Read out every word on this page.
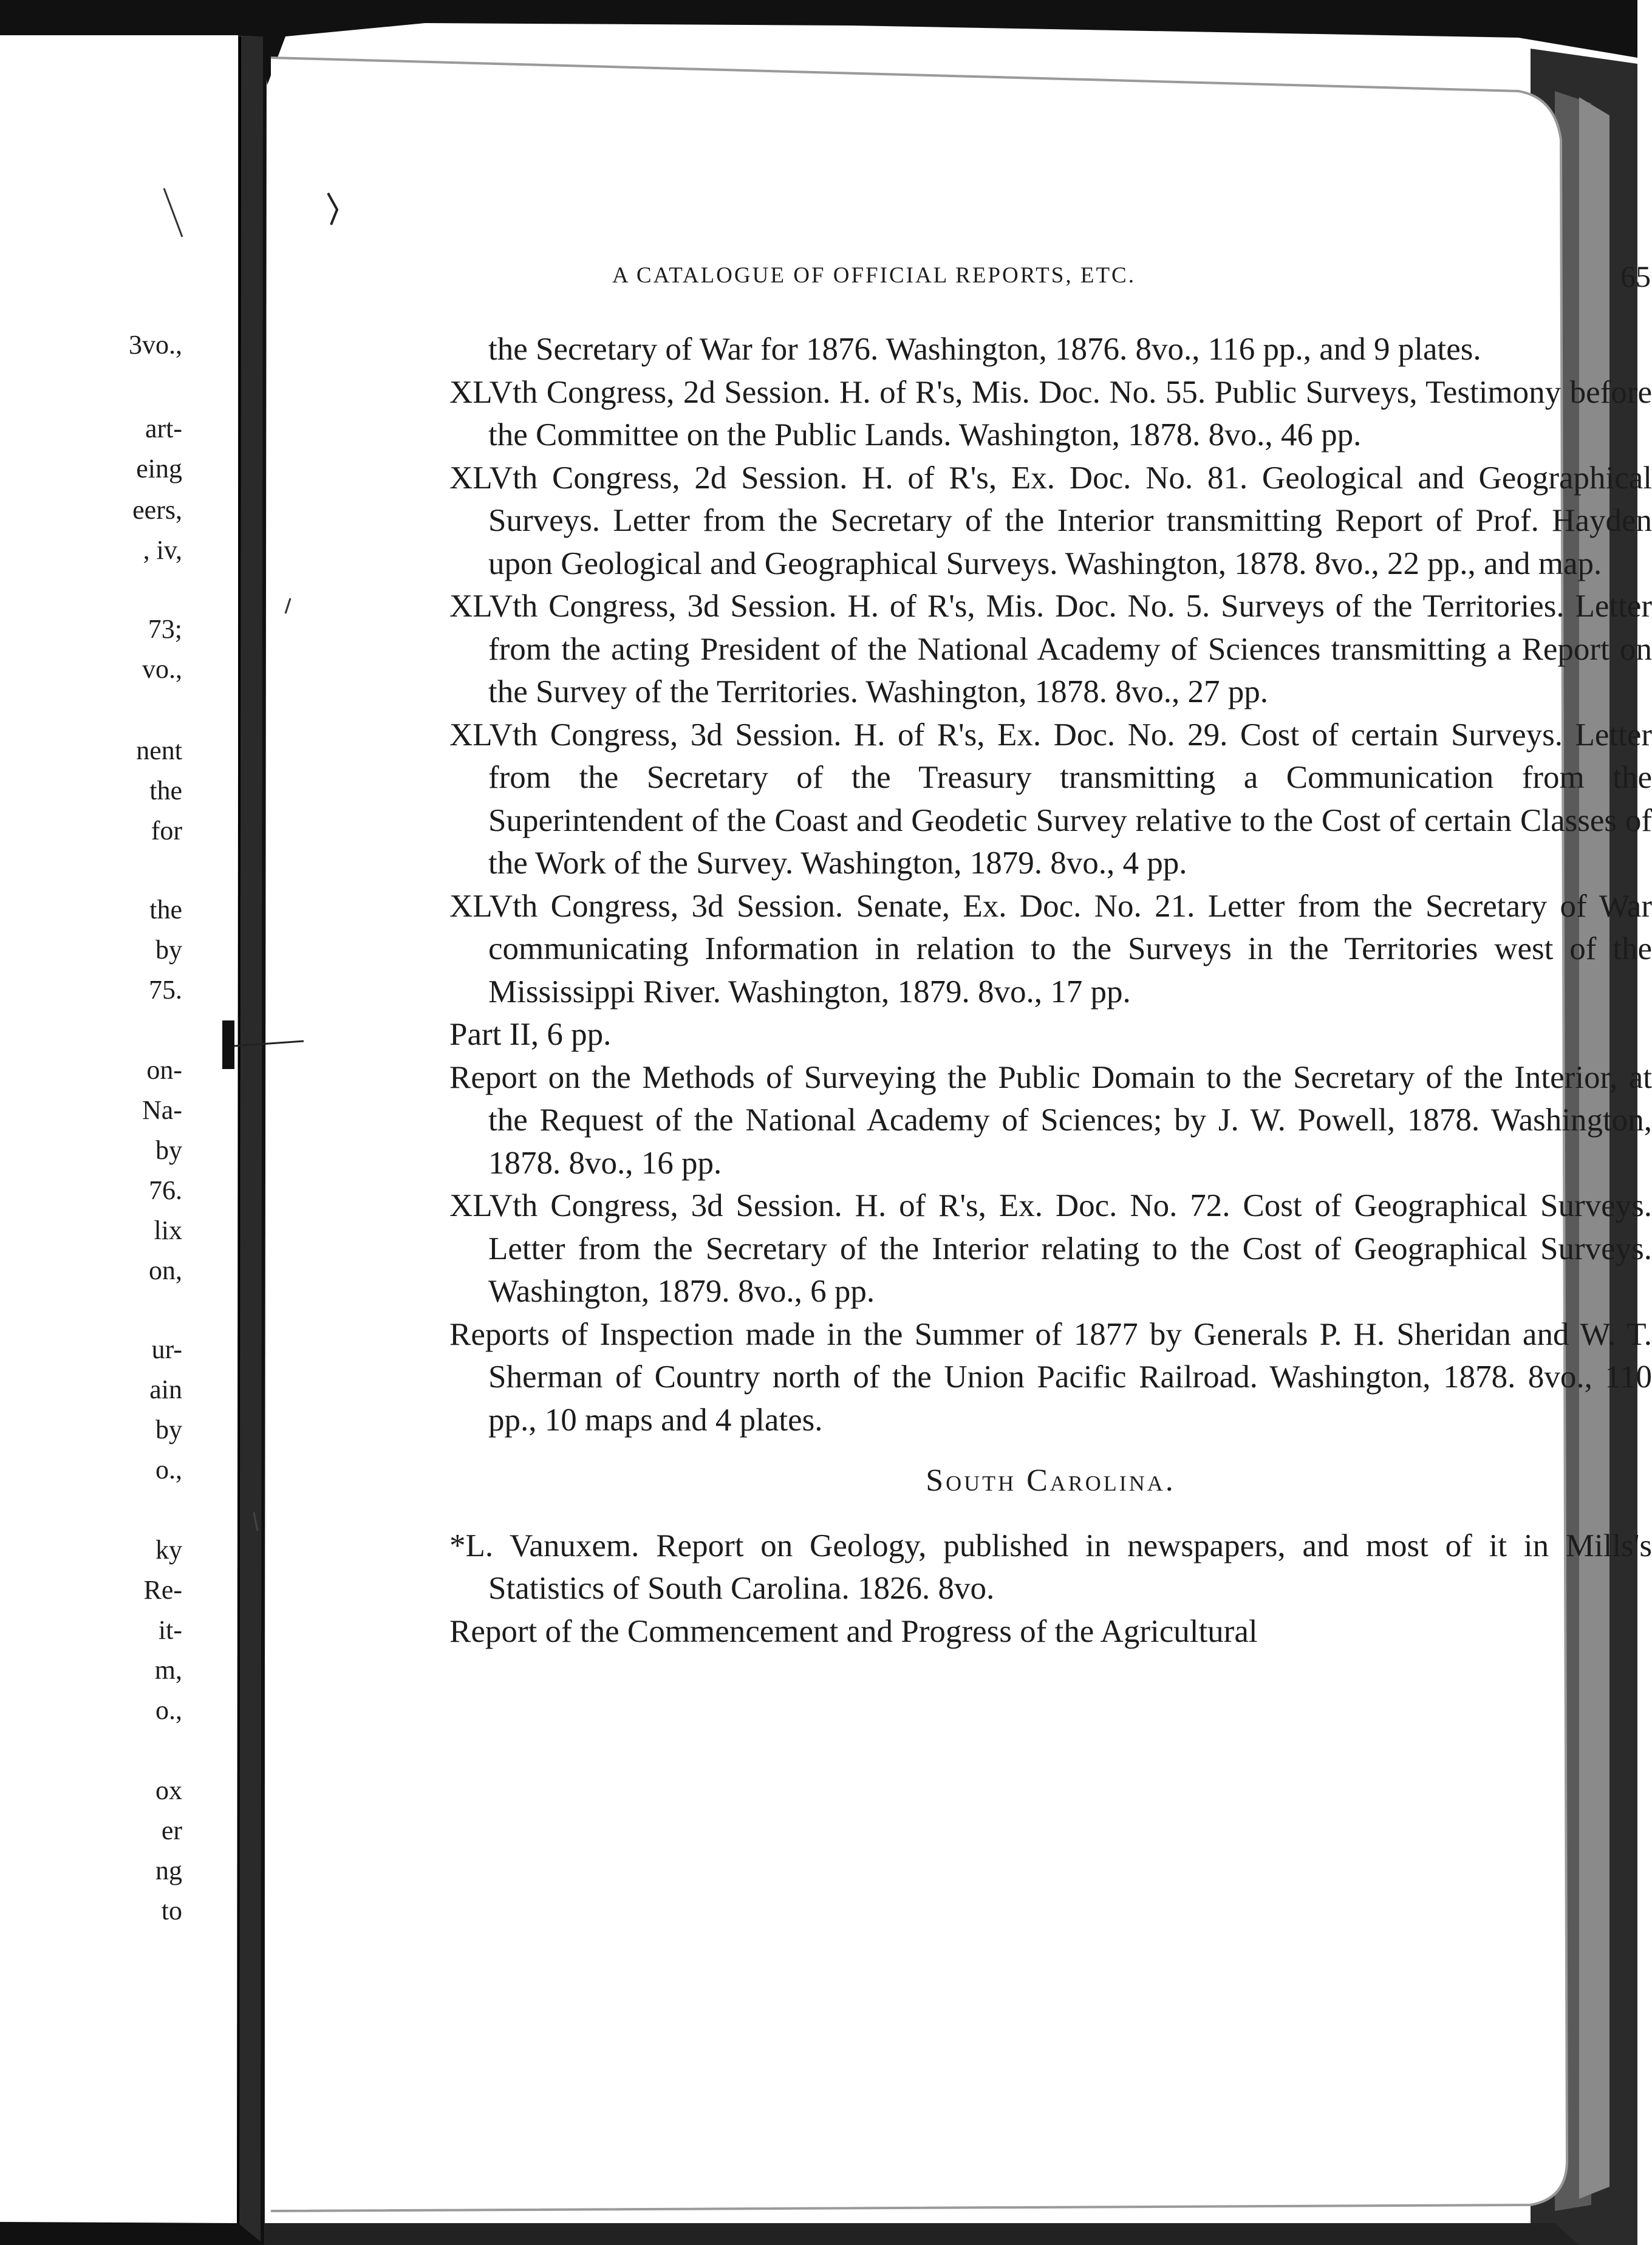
3vo.,
art-
eing
eers,
, iv,
73;
vo.,
nent
the
for
the
by
75.
on-
Na-
by
76.
lix
on,
ur-
ain
by
o.,
ky
Re-
it-
m,
o.,
ox
er
ng
to
A CATALOGUE OF OFFICIAL REPORTS, ETC.	65

the Secretary of War for 1876. Washington, 1876. 8vo., 116 pp., and 9 plates.

XLVth Congress, 2d Session. H. of R's, Mis. Doc. No. 55. Public Surveys, Testimony before the Committee on the Public Lands. Washington, 1878. 8vo., 46 pp.

XLVth Congress, 2d Session. H. of R's, Ex. Doc. No. 81. Geological and Geographical Surveys. Letter from the Secretary of the Interior transmitting Report of Prof. Hayden upon Geological and Geographical Surveys. Washington, 1878. 8vo., 22 pp., and map.

XLVth Congress, 3d Session. H. of R's, Mis. Doc. No. 5. Surveys of the Territories. Letter from the acting President of the National Academy of Sciences transmitting a Report on the Survey of the Territories. Washington, 1878. 8vo., 27 pp.

XLVth Congress, 3d Session. H. of R's, Ex. Doc. No. 29. Cost of certain Surveys. Letter from the Secretary of the Treasury transmitting a Communication from the Superintendent of the Coast and Geodetic Survey relative to the Cost of certain Classes of the Work of the Survey. Washington, 1879. 8vo., 4 pp.

XLVth Congress, 3d Session. Senate, Ex. Doc. No. 21. Letter from the Secretary of War communicating Information in relation to the Surveys in the Territories west of the Mississippi River. Washington, 1879. 8vo., 17 pp.

Part II, 6 pp.

Report on the Methods of Surveying the Public Domain to the Secretary of the Interior, at the Request of the National Academy of Sciences; by J. W. Powell, 1878. Washington, 1878. 8vo., 16 pp.

XLVth Congress, 3d Session. H. of R's, Ex. Doc. No. 72. Cost of Geographical Surveys. Letter from the Secretary of the Interior relating to the Cost of Geographical Surveys. Washington, 1879. 8vo., 6 pp.

Reports of Inspection made in the Summer of 1877 by Generals P. H. Sheridan and W. T. Sherman of Country north of the Union Pacific Railroad. Washington, 1878. 8vo., 110 pp., 10 maps and 4 plates.

South Carolina.

*L. Vanuxem. Report on Geology, published in newspapers, and most of it in Mills's Statistics of South Carolina. 1826. 8vo.

Report of the Commencement and Progress of the Agricultural
